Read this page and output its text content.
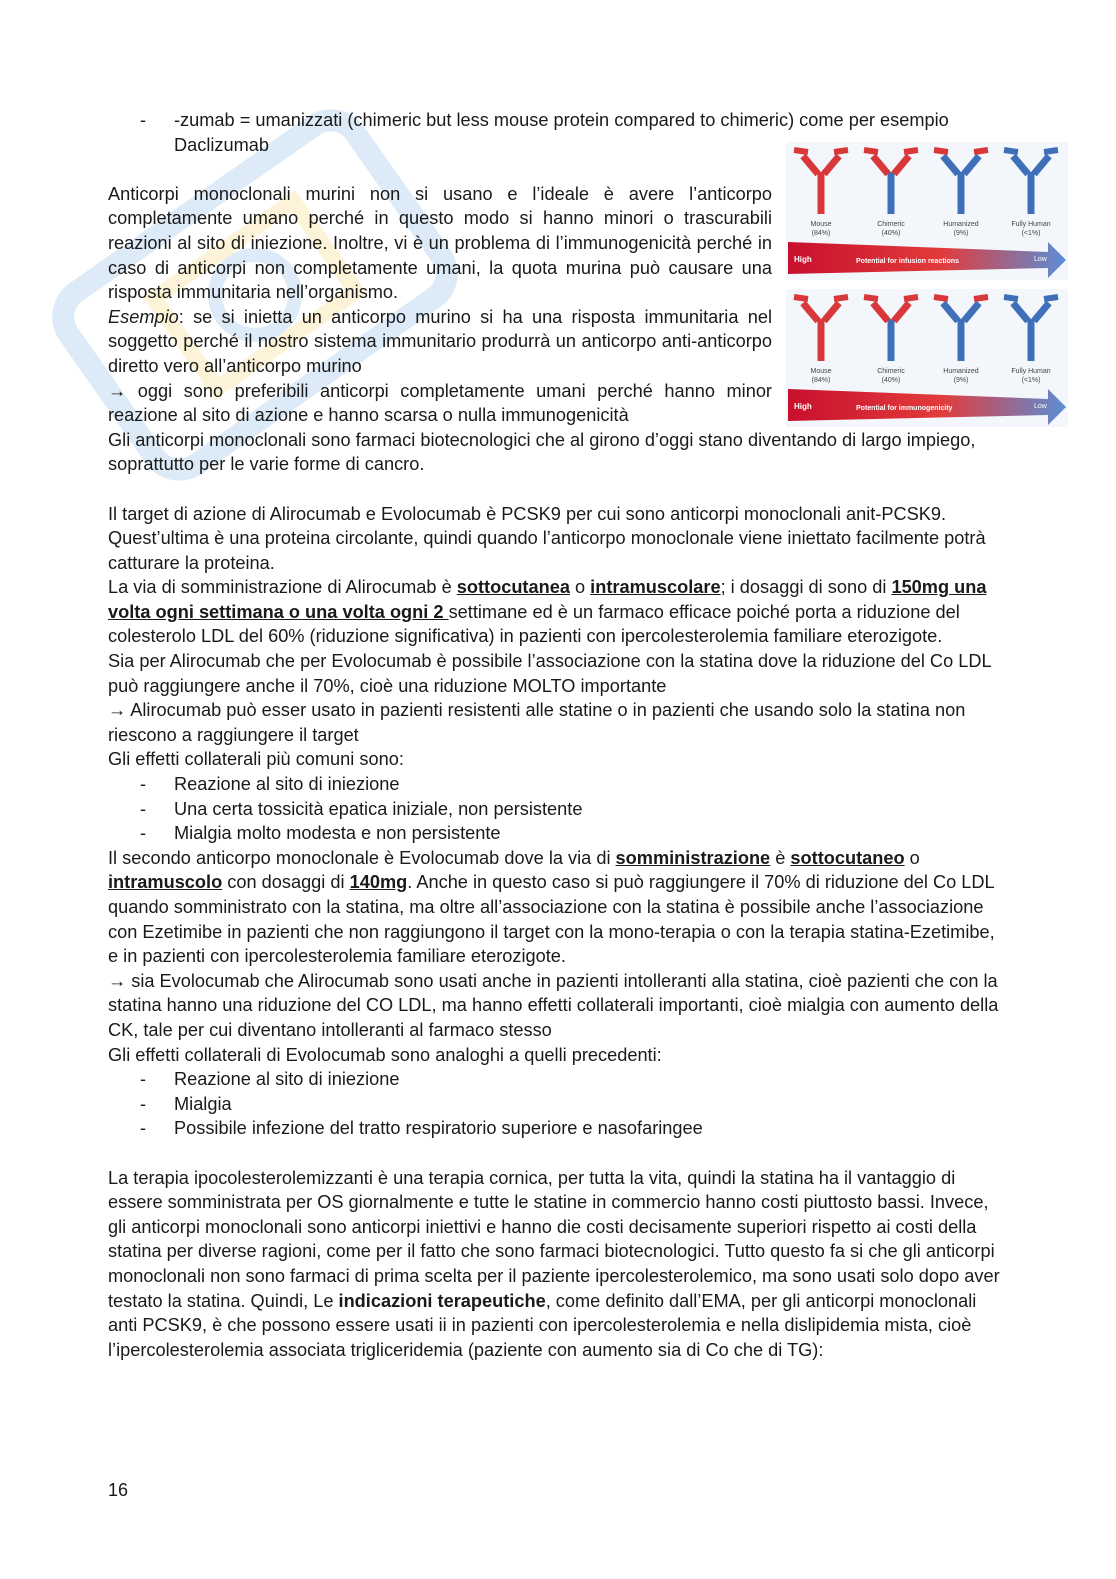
Mouse
(84%)
Chimeric
(40%)
Humanized
(9%)
Fully Human
(<1%)
High	Potential for infusion reactions	Low

Mouse
(84%)
Chimeric
(40%)
Humanized
(9%)
Fully Human
(<1%)
High	Potential for immunogenicity	Low

- -zumab = umanizzati (chimeric but less mouse protein compared to chimeric) come per esempio Daclizumab

Anticorpi monoclonali murini non si usano e l’ideale è avere l’anticorpo completamente umano perché in questo modo si hanno minori o trascurabili reazioni al sito di iniezione. Inoltre, vi è un problema di l’immunogenicità perché in caso di anticorpi non completamente umani, la quota murina può causare una risposta immunitaria nell’organismo.
Esempio: se si inietta un anticorpo murino si ha una risposta immunitaria nel soggetto perché il nostro sistema immunitario produrrà un anticorpo anti-anticorpo diretto vero all’anticorpo murino
→ oggi sono preferibili anticorpi completamente umani perché hanno minor reazione al sito di azione e hanno scarsa o nulla immunogenicità

Gli anticorpi monoclonali sono farmaci biotecnologici che al girono d’oggi stano diventando di largo impiego, soprattutto per le varie forme di cancro.

Il target di azione di Alirocumab e Evolocumab è PCSK9 per cui sono anticorpi monoclonali anit-PCSK9. Quest’ultima è una proteina circolante, quindi quando l’anticorpo monoclonale viene iniettato facilmente potrà catturare la proteina.

La via di somministrazione di Alirocumab è sottocutanea o intramuscolare; i dosaggi di sono di 150mg una volta ogni settimana o una volta ogni 2 settimane ed è un farmaco efficace poiché porta a riduzione del colesterolo LDL del 60% (riduzione significativa) in pazienti con ipercolesterolemia familiare eterozigote.

Sia per Alirocumab che per Evolocumab è possibile l’associazione con la statina dove la riduzione del Co LDL può raggiungere anche il 70%, cioè una riduzione MOLTO importante

→ Alirocumab può esser usato in pazienti resistenti alle statine o in pazienti che usando solo la statina non riescono a raggiungere il target

Gli effetti collaterali più comuni sono:

- Reazione al sito di iniezione

- Una certa tossicità epatica iniziale, non persistente

- Mialgia molto modesta e non persistente

Il secondo anticorpo monoclonale è Evolocumab dove la via di somministrazione è sottocutaneo o intramuscolo con dosaggi di 140mg. Anche in questo caso si può raggiungere il 70% di riduzione del Co LDL quando somministrato con la statina, ma oltre all’associazione con la statina è possibile anche l’associazione con Ezetimibe in pazienti che non raggiungono il target con la mono-terapia o con la terapia statina-Ezetimibe, e in pazienti con ipercolesterolemia familiare eterozigote.

→ sia Evolocumab che Alirocumab sono usati anche in pazienti intolleranti alla statina, cioè pazienti che con la statina hanno una riduzione del CO LDL, ma hanno effetti collaterali importanti, cioè mialgia con aumento della CK, tale per cui diventano intolleranti al farmaco stesso

Gli effetti collaterali di Evolocumab sono analoghi a quelli precedenti:

- Reazione al sito di iniezione

- Mialgia

- Possibile infezione del tratto respiratorio superiore e nasofaringee

La terapia ipocolesterolemizzanti è una terapia cornica, per tutta la vita, quindi la statina ha il vantaggio di essere somministrata per OS giornalmente e tutte le statine in commercio hanno costi piuttosto bassi. Invece, gli anticorpi monoclonali sono anticorpi iniettivi e hanno die costi decisamente superiori rispetto ai costi della statina per diverse ragioni, come per il fatto che sono farmaci biotecnologici. Tutto questo fa si che gli anticorpi monoclonali non sono farmaci di prima scelta per il paziente ipercolesterolemico, ma sono usati solo dopo aver testato la statina. Quindi, Le indicazioni terapeutiche, come definito dall’EMA, per gli anticorpi monoclonali anti PCSK9, è che possono essere usati ii in pazienti con ipercolesterolemia e nella dislipidemia mista, cioè l’ipercolesterolemia associata trigliceridemia (paziente con aumento sia di Co che di TG):

16
